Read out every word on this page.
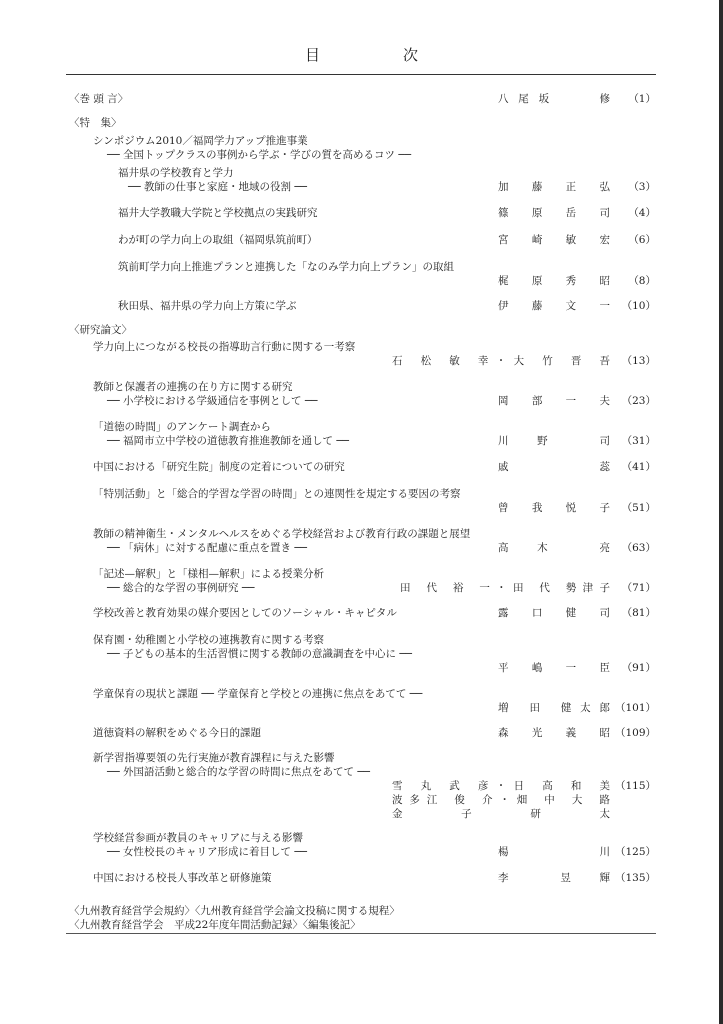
目　次
〈巻 頭 言〉	八尾坂　　修	（1）
〈特　集〉
シンポジウム2010／福岡学力アップ推進事業
── 全国トップクラスの事例から学ぶ・学びの質を高めるコツ ──
福井県の学校教育と学力
── 教師の仕事と家庭・地域の役割 ──	加 藤 正 弘	（3）
福井大学教職大学院と学校拠点の実践研究	篠 原 岳 司	（4）
わが町の学力向上の取組（福岡県筑前町）	宮 崎 敏 宏	（6）
筑前町学力向上推進プランと連携した「なのみ学力向上プラン」の取組
梶 原 秀 昭	（8）
秋田県、福井県の学力向上方策に学ぶ	伊 藤 文 一	（10）
〈研究論文〉
学力向上につながる校長の指導助言行動に関する一考察
石 松 敏 幸・大 竹 晋 吾	（13）
教師と保護者の連携の在り方に関する研究
── 小学校における学級通信を事例として ──	岡 部 一 夫	（23）
「道徳の時間」のアンケート調査から
── 福岡市立中学校の道徳教育推進教師を通して ──	川 野　 司	（31）
中国における「研究生院」制度の定着についての研究	戚　　 蕊	（41）
「特別活動」と「総合的学習な学習の時間」との連関性を規定する要因の考察
曾 我 悦 子	（51）
教師の精神衛生・メンタルヘルスをめぐる学校経営および教育行政の課題と展望
── 「病休」に対する配慮に重点を置き ──	高 木　 亮	（63）
「記述—解釈」と「様相—解釈」による授業分析
── 総合的な学習の事例研究 ──	田 代 裕 一・田 代 勢津子	（71）
学校改善と教育効果の媒介要因としてのソーシャル・キャピタル	露 口 健 司	（81）
保育園・幼稚園と小学校の連携教育に関する考察
── 子どもの基本的生活習慣に関する教師の意識調査を中心に ──
平 嶋 一 臣	（91）
学童保育の現状と課題 ── 学童保育と学校との連携に焦点をあてて ──
増 田 健太郎 （101）
道徳資料の解釈をめぐる今日的課題	森 光 義 昭 （109）
新学習指導要領の先行実施が教育課程に与えた影響
── 外国語活動と総合的な学習の時間に焦点をあてて ──
雪 丸 武 彦・日 高 和 美 （115）
波多江 俊 介・畑 中 大 路
金 子 研 太
学校経営参画が教員のキャリアに与える影響
── 女性校長のキャリア形成に着目して ──	楊　　 川 （125）
中国における校長人事改革と研修施策	李　 昱 輝 （135）
〈九州教育経営学会規約〉〈九州教育経営学会論文投稿に関する規程〉
〈九州教育経営学会　平成22年度年間活動記録〉〈編集後記〉
